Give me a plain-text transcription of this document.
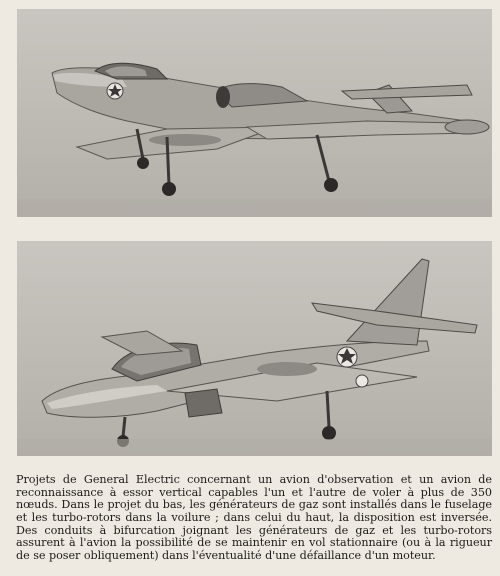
Projets de General Electric concernant un avion d'observation et un avion de reconnaissance à essor vertical capables l'un et l'autre de voler à plus de 350 nœuds. Dans le projet du bas, les générateurs de gaz sont installés dans le fuselage et les turbo-rotors dans la voilure ; dans celui du haut, la disposition est inversée. Des conduits à bifurcation joignant les générateurs de gaz et les turbo-rotors assurent à l'avion la possibilité de se maintenir en vol stationnaire (ou à la rigueur de se poser obliquement) dans l'éventualité d'une défaillance d'un moteur.
